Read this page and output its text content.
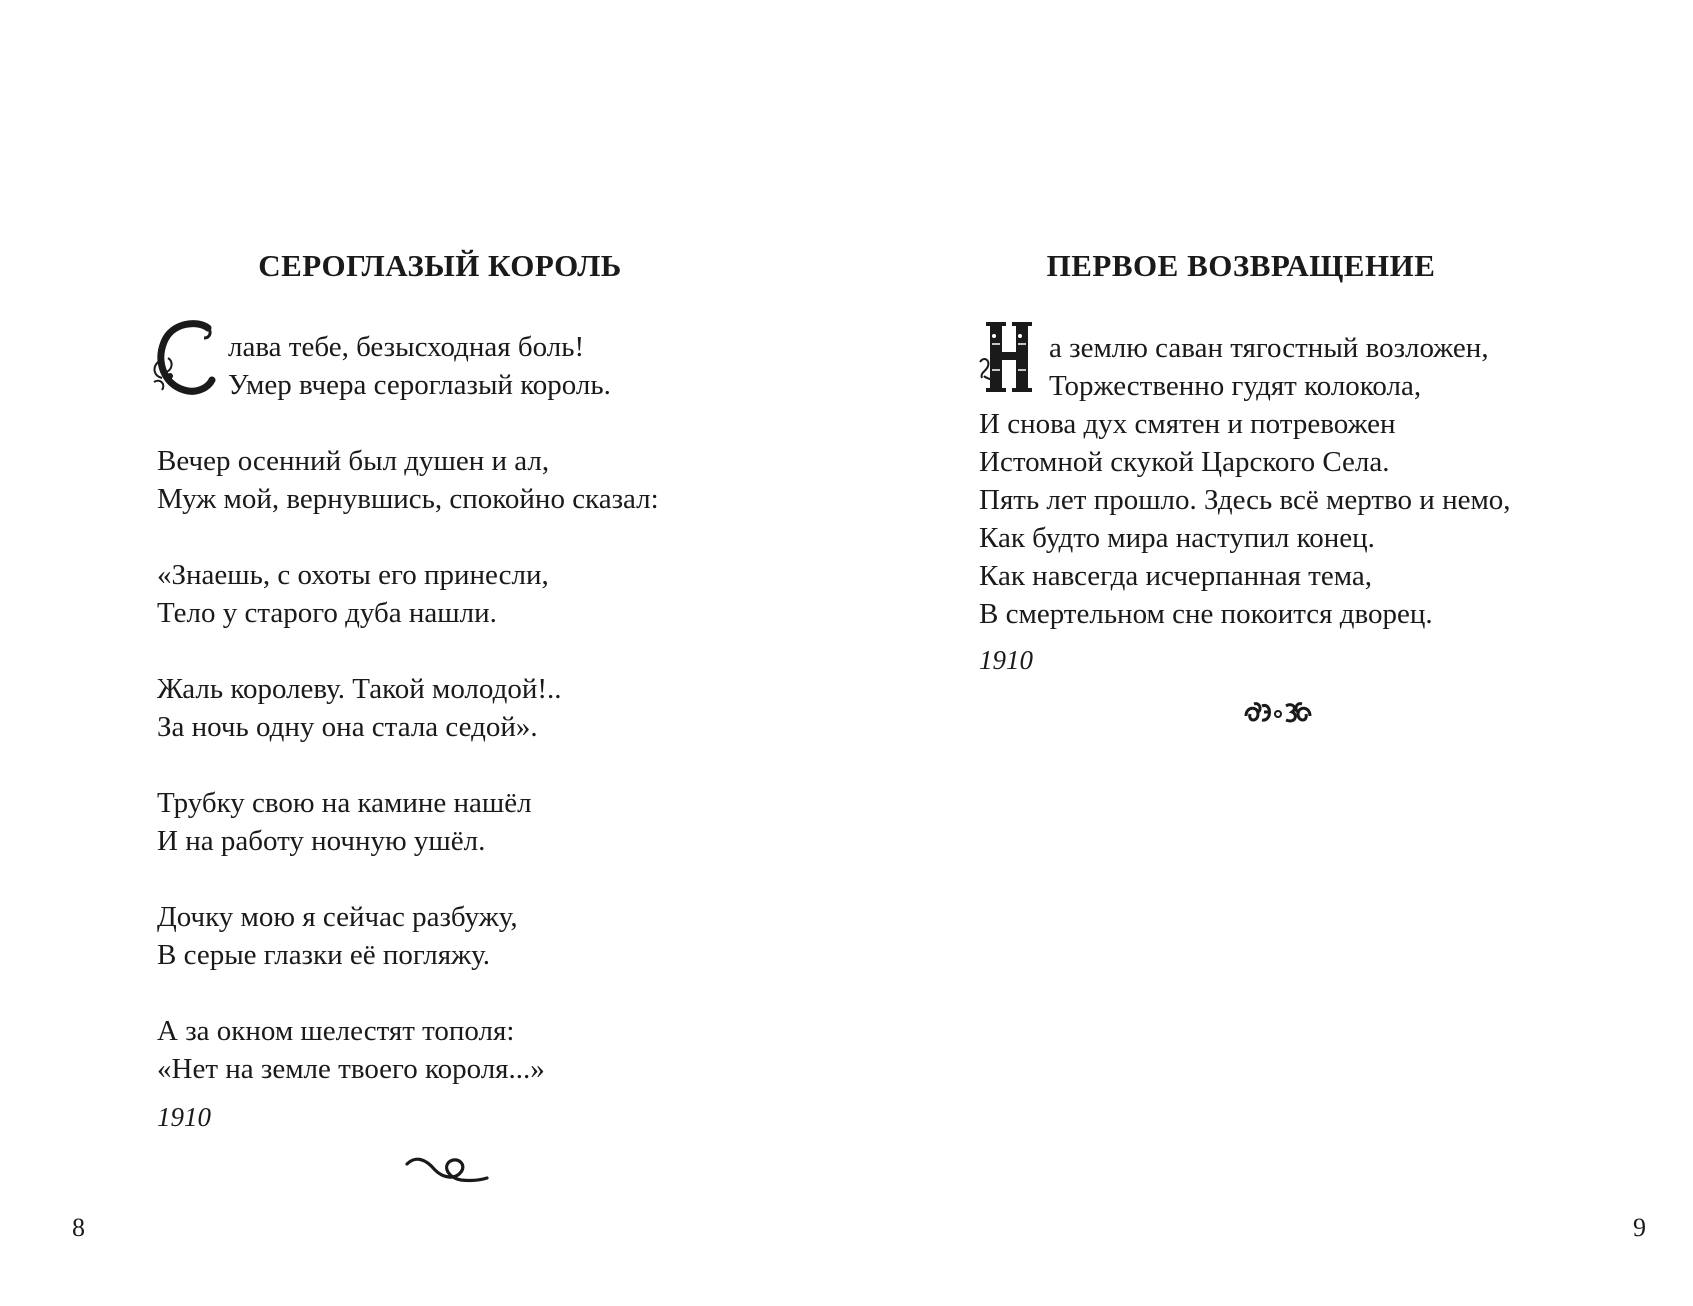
СЕРОГЛАЗЫЙ КОРОЛЬ
лава тебе, безысходная боль!
Умер вчера сероглазый король.
Вечер осенний был душен и ал,
Муж мой, вернувшись, спокойно сказал:
«Знаешь, с охоты его принесли,
Тело у старого дуба нашли.
Жаль королеву. Такой молодой!..
За ночь одну она стала седой».
Трубку свою на камине нашёл
И на работу ночную ушёл.
Дочку мою я сейчас разбужу,
В серые глазки её погляжу.
А за окном шелестят тополя:
«Нет на земле твоего короля...»
1910
8
ПЕРВОЕ ВОЗВРАЩЕНИЕ
а землю саван тягостный возложен,
Торжественно гудят колокола,
И снова дух смятен и потревожен
Истомной скукой Царского Села.
Пять лет прошло. Здесь всё мертво и немо,
Как будто мира наступил конец.
Как навсегда исчерпанная тема,
В смертельном сне покоится дворец.
1910
9
